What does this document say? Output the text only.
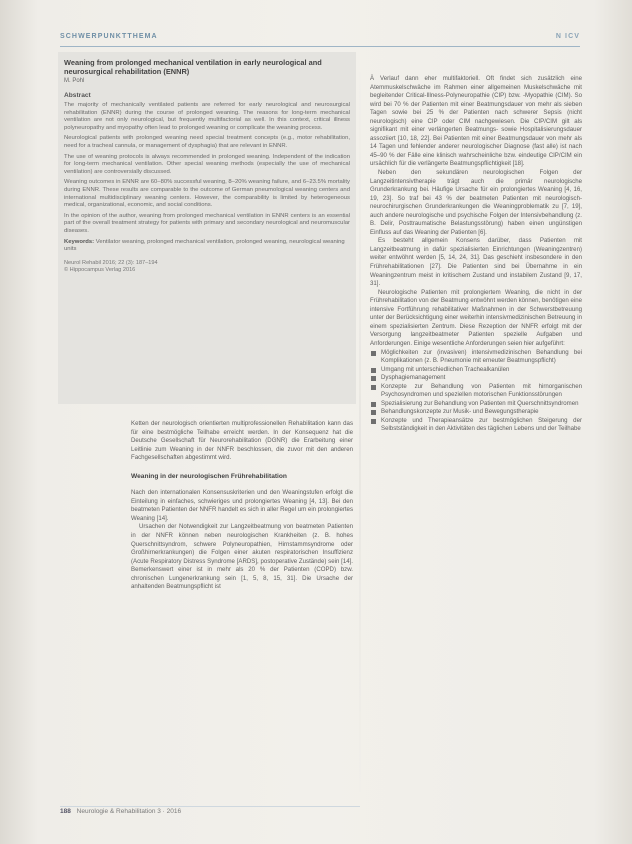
SCHWERPUNKTTHEMA	N ICV
Weaning from prolonged mechanical ventilation in early neurological and neurosurgical rehabilitation (ENNR)
M. Pohl
Abstract
The majority of mechanically ventilated patients are referred for early neurological and neurosurgical rehabilitation (ENNR) during the course of prolonged weaning. The reasons for long-term mechanical ventilation are not only neurological, but frequently multifactorial as well. In this context, critical illness polyneuropathy and myopathy often lead to prolonged weaning or complicate the weaning process.
Neurological patients with prolonged weaning need special treatment concepts (e.g., motor rehabilitation, need for a tracheal cannula, or management of dysphagia) that are relevant in ENNR.
The use of weaning protocols is always recommended in prolonged weaning. Independent of the indication for long-term mechanical ventilation. Other special weaning methods (especially the use of mechanical ventilation) are controversially discussed.
Weaning outcomes in ENNR are 60–80% successful weaning, 8–20% weaning failure, and 6–23.5% mortality during ENNR. These results are comparable to the outcome of German pneumological weaning centers and international multidisciplinary weaning centers. However, the comparability is limited by heterogeneous medical, organizational, economic, and social conditions.
In the opinion of the author, weaning from prolonged mechanical ventilation in ENNR centers is an essential part of the overall treatment strategy for patients with primary and secondary neurological and neuromuscular diseases.
Keywords: Ventilator weaning, prolonged mechanical ventilation, prolonged weaning, neurological weaning units
Neurol Rehabil 2016; 22 (3): 187–194
© Hippocampus Verlag 2016

Ä Verlauf dann eher multifaktoriell. Oft findet sich zusätzlich eine Atemmuskelschwäche im Rahmen einer allgemeinen Muskelschwäche mit begleitender Critical-Illness-Polyneuropathie (CIP) bzw. -Myopathie (CIM). So wird bei 70 % der Patienten mit einer Beatmungsdauer von mehr als sieben Tagen sowie bei 25 % der Patienten nach schwerer Sepsis (nicht neurologisch) eine CIP oder CIM nachgewiesen. Die CIP/CIM gilt als signifikant mit einer verlängerten Beatmungs- sowie Hospitalisierungsdauer assoziiert [10, 18, 22]. Bei Patienten mit einer Beatmungsdauer von mehr als 14 Tagen und fehlender anderer neurologischer Diagnose (fast alle) ist nach 45–90 % der Fälle eine klinisch wahrscheinliche bzw. eindeutige CIP/CIM ein ursächlich für die verlängerte Beatmungspflichtigkeit [18].

Neben den sekundären neurologischen Folgen der Langzeitintensivtherapie trägt auch die primär neurologische Grunderkrankung bei. Häufige Ursache für ein prolongiertes Weaning [4, 16, 19, 23]. So traf bei 43 % der beatmeten Patienten mit neurologisch-neurochirurgischen Grunderkrankungen die Weaningproblematik zu [7, 19], auch andere neurologische und psychische Folgen der Intensivbehandlung (z. B. Delir, Posttraumatische Belastungsstörung) haben einen ungünstigen Einfluss auf das Weaning der Patienten [6].

Es besteht allgemein Konsens darüber, dass Patienten mit Langzeitbeatmung in dafür spezialisierten Einrichtungen (Weaningzentren) weiter entwöhnt werden [5, 14, 24, 31]. Das geschieht insbesondere in den Frührehabilitationen [27]. Die Patienten sind bei Übernahme in ein Weaningzentrum meist in kritischem Zustand und instabilem Zustand [9, 17, 31].

Neurologische Patienten mit prolongiertem Weaning, die nicht in der Frührehabilitation von der Beatmung entwöhnt werden können, benötigen eine intensive Fortführung rehabilitativer Maßnahmen in der Schwerstbetreuung unter der Berücksichtigung einer weiterhin intensivmedizinischen Betreuung in einem spezialisierten Zentrum. Diese Rezeption der NNFR erfolgt mit der Versorgung langzeitbeatmeter Patienten spezielle Aufgaben und Anforderungen. Einige wesentliche Anforderungen seien hier aufgeführt:

Möglichkeiten zur (invasiven) intensivmedizinischen Behandlung bei Komplikationen (z. B. Pneumonie mit erneuter Beatmungspflicht)
Umgang mit unterschiedlichen Trachealkanülen
Dysphagiemanagement
Konzepte zur Behandlung von Patienten mit hirnorganischen Psychosyndromen und speziellen motorischen Funktionsstörungen
Spezialisierung zur Behandlung von Patienten mit Querschnittsyndromen
Behandlungskonzepte zur Musik- und Bewegungstherapie
Konzepte und Therapieansätze zur bestmöglichen Steigerung der Selbstständigkeit in den Aktivitäten des täglichen Lebens und der Teilhabe

Ketten der neurologisch orientierten multiprofessionellen Rehabilitation kann das für eine bestmögliche Teilhabe erreicht werden. In der Konsequenz hat die Deutsche Gesellschaft für Neurorehabilitation (DGNR) die Erarbeitung einer Leitlinie zum Weaning in der NNFR beschlossen, die zuvor mit den anderen Fachgesellschaften abgestimmt wird.

Weaning in der neurologischen Frührehabilitation

Nach den internationalen Konsensuskriterien und den Weaningstufen erfolgt die Einteilung in einfaches, schwieriges und prolongiertes Weaning [4, 13]. Bei den beatmeten Patienten der NNFR handelt es sich in aller Regel um ein prolongiertes Weaning [14].

Ursachen der Notwendigkeit zur Langzeitbeatmung von beatmeten Patienten in der NNFR können neben neurologischen Krankheiten (z. B. hohes Querschnittsyndrom, schwere Polyneuropathien, Hirnstammsyndrome oder Großhirnerkrankungen) die Folgen einer akuten respiratorischen Insuffizienz (Acute Respiratory Distress Syndrome [ARDS], postoperative Zustände) sein [14]. Bemerkenswert einer ist in mehr als 20 % der Patienten (COPD) bzw. chronischen Lungenerkrankung sein [1, 5, 8, 15, 31]. Die Ursache der anhaltenden Beatmungspflicht ist

188 Neurologie & Rehabilitation 3 · 2016
